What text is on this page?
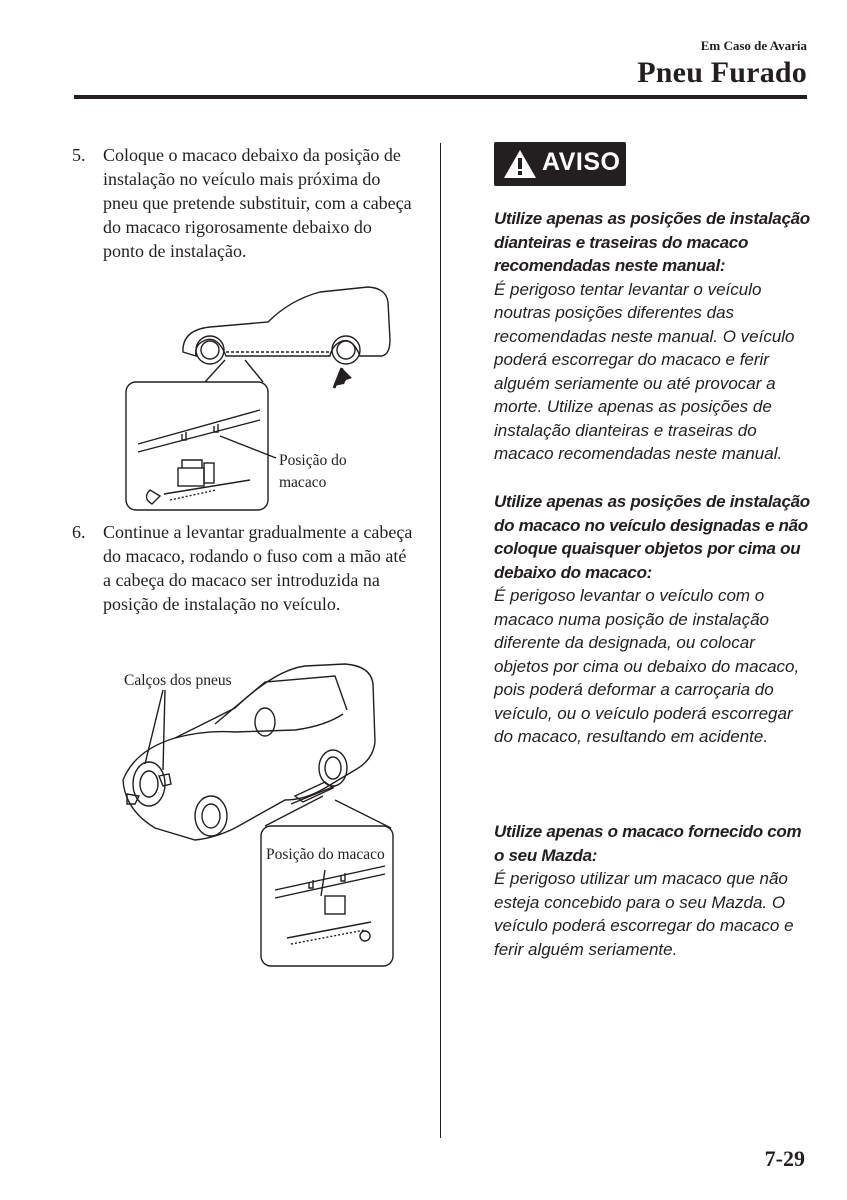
Em Caso de Avaria
Pneu Furado
5. Coloque o macaco debaixo da posição de instalação no veículo mais próxima do pneu que pretende substituir, com a cabeça do macaco rigorosamente debaixo do ponto de instalação.
Posição do
macaco
6. Continue a levantar gradualmente a cabeça do macaco, rodando o fuso com a mão até a cabeça do macaco ser introduzida na posição de instalação no veículo.
Calços dos pneus
Posição do macaco
AVISO
Utilize apenas as posições de instalação dianteiras e traseiras do macaco recomendadas neste manual:
É perigoso tentar levantar o veículo noutras posições diferentes das recomendadas neste manual. O veículo poderá escorregar do macaco e ferir alguém seriamente ou até provocar a morte. Utilize apenas as posições de instalação dianteiras e traseiras do macaco recomendadas neste manual.
Utilize apenas as posições de instalação do macaco no veículo designadas e não coloque quaisquer objetos por cima ou debaixo do macaco:
É perigoso levantar o veículo com o macaco numa posição de instalação diferente da designada, ou colocar objetos por cima ou debaixo do macaco, pois poderá deformar a carroçaria do veículo, ou o veículo poderá escorregar do macaco, resultando em acidente.
Utilize apenas o macaco fornecido com o seu Mazda:
É perigoso utilizar um macaco que não esteja concebido para o seu Mazda. O veículo poderá escorregar do macaco e ferir alguém seriamente.
7-29
